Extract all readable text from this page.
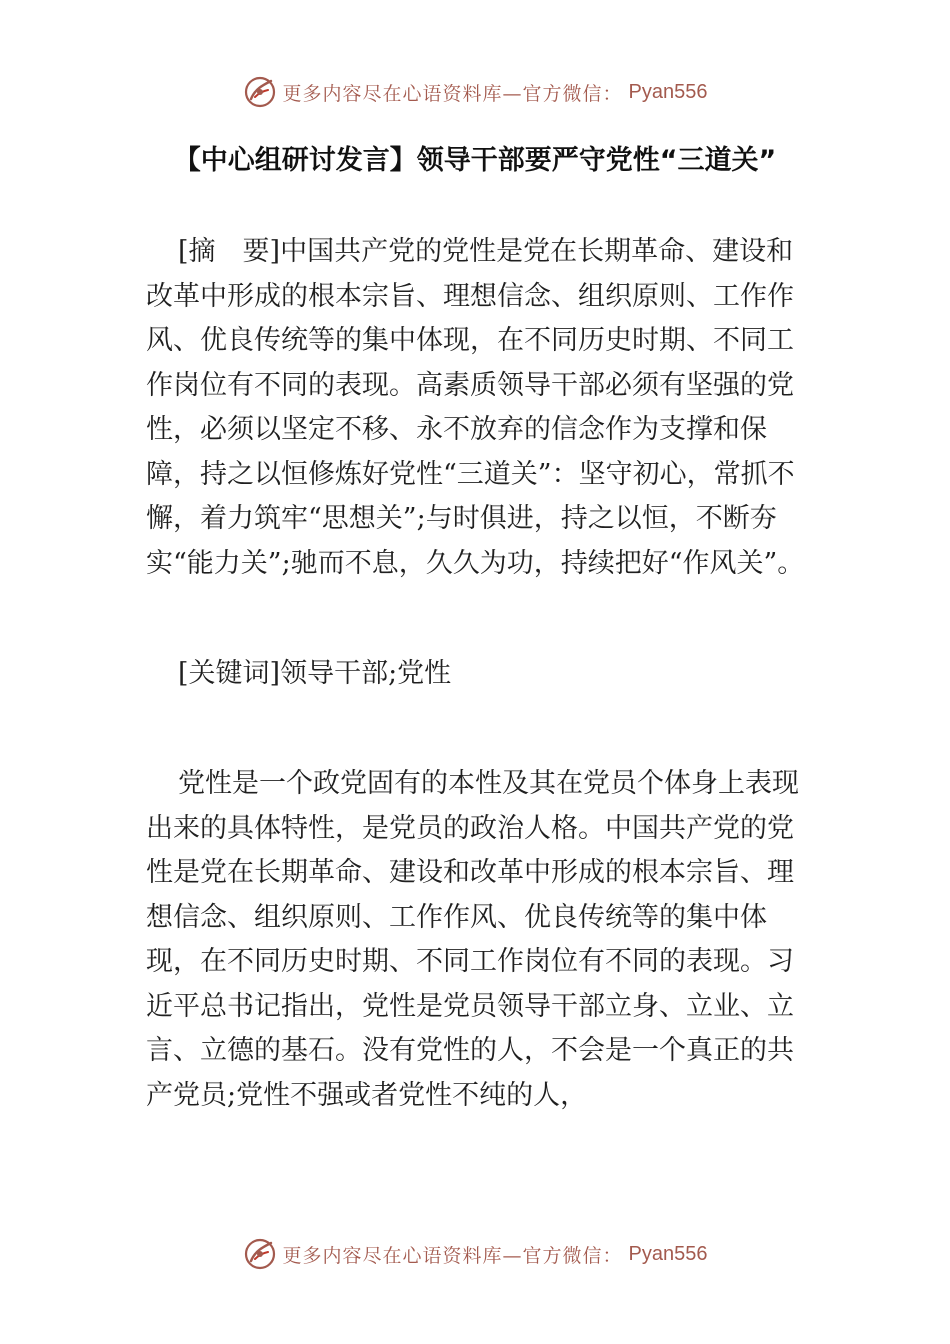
更多内容尽在心语资料库—官方微信： Pyan556
【中心组研讨发言】领导干部要严守党性“三道关”

[摘　要]中国共产党的党性是党在长期革命、建设和改革中形成的根本宗旨、理想信念、组织原则、工作作风、优良传统等的集中体现，在不同历史时期、不同工作岗位有不同的表现。高素质领导干部必须有坚强的党性，必须以坚定不移、永不放弃的信念作为支撑和保障，持之以恒修炼好党性“三道关”：坚守初心，常抓不懈，着力筑牢“思想关”;与时俱进，持之以恒，不断夯实“能力关”;驰而不息，久久为功，持续把好“作风关”。

[关键词]领导干部;党性

党性是一个政党固有的本性及其在党员个体身上表现出来的具体特性，是党员的政治人格。中国共产党的党性是党在长期革命、建设和改革中形成的根本宗旨、理想信念、组织原则、工作作风、优良传统等的集中体现，在不同历史时期、不同工作岗位有不同的表现。习近平总书记指出，党性是党员领导干部立身、立业、立言、立德的基石。没有党性的人，不会是一个真正的共产党员;党性不强或者党性不纯的人，

更多内容尽在心语资料库—官方微信： Pyan556
